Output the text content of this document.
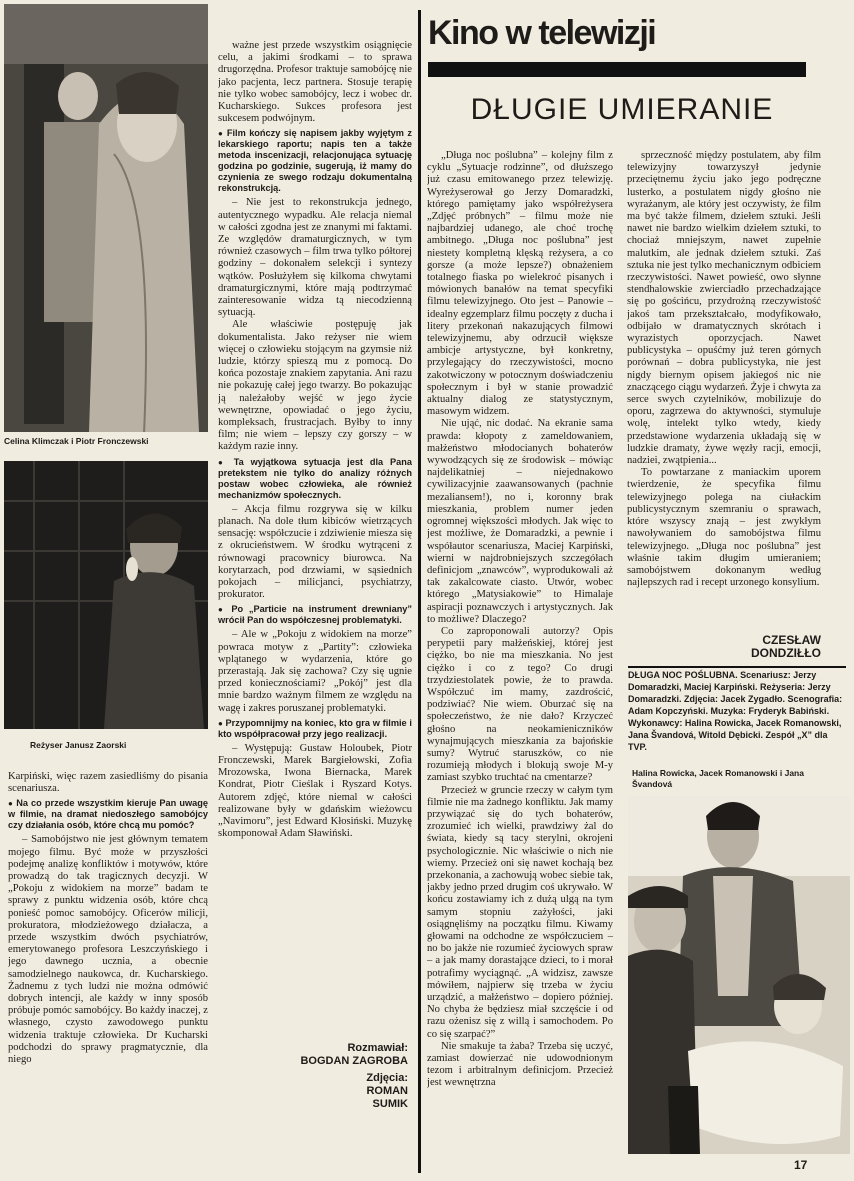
Celina Klimczak i Piotr Fronczewski
Reżyser Janusz Zaorski

ważne jest przede wszystkim osiągnięcie celu, a jakimi środkami – to sprawa drugorzędna. Profesor traktuje samobójcę nie jako pacjenta, lecz partnera. Stosuje terapię nie tylko wobec samobójcy, lecz i wobec dr. Kucharskiego. Sukces profesora jest sukcesem podwójnym.

● Film kończy się napisem jakby wyjętym z lekarskiego raportu; napis ten a także metoda inscenizacji, relacjonująca sytuację godzina po godzinie, sugerują, iż mamy do czynienia ze swego rodzaju dokumentalną rekonstrukcją.

– Nie jest to rekonstrukcja jednego, autentycznego wypadku. Ale relacja niemal w całości zgodna jest ze znanymi mi faktami. Ze względów dramaturgicznych, w tym również czasowych – film trwa tylko półtorej godziny – dokonałem selekcji i syntezy wątków. Posłużyłem się kilkoma chwytami dramaturgicznymi, które mają podtrzymać zainteresowanie widza tą niecodzienną sytuacją.

Ale właściwie postępuję jak dokumentalista. Jako reżyser nie wiem więcej o człowieku stojącym na gzymsie niż ludzie, którzy spieszą mu z pomocą. Do końca pozostaje znakiem zapytania. Ani razu nie pokazuję całej jego twarzy. Bo pokazując ją należałoby wejść w jego życie wewnętrzne, opowiadać o jego życiu, kompleksach, frustracjach. Byłby to inny film; nie wiem – lepszy czy gorszy – w każdym razie inny.

● Ta wyjątkowa sytuacja jest dla Pana pretekstem nie tylko do analizy różnych postaw wobec człowieka, ale również mechanizmów społecznych.

– Akcja filmu rozgrywa się w kilku planach. Na dole tłum kibiców wietrzących sensację: współczucie i zdziwienie miesza się z okrucieństwem. W środku wytrąceni z równowagi pracownicy biurowca. Na korytarzach, pod drzwiami, w sąsiednich pokojach – milicjanci, psychiatrzy, prokurator.

● Po „Particie na instrument drewniany” wrócił Pan do współczesnej problematyki.

– Ale w „Pokoju z widokiem na morze” powraca motyw z „Partity”: człowieka wplątanego w wydarzenia, które go przerastają. Jak się zachowa? Czy się ugnie przed koniecznościami? „Pokój” jest dla mnie bardzo ważnym filmem ze względu na wagę i zakres poruszanej problematyki.

● Przypomnijmy na koniec, kto gra w filmie i kto współpracował przy jego realizacji.

– Występują: Gustaw Holoubek, Piotr Fronczewski, Marek Bargiełowski, Zofia Mrozowska, Iwona Biernacka, Marek Kondrat, Piotr Cieślak i Ryszard Kotys. Autorem zdjęć, które niemal w całości realizowane były w gdańskim wieżowcu „Navimoru”, jest Edward Kłosiński. Muzykę skomponował Adam Sławiński.

Rozmawiał:
BOGDAN ZAGROBA
Zdjęcia:
ROMAN
SUMIK

Karpiński, więc razem zasiedliśmy do pisania scenariusza.

● Na co przede wszystkim kieruje Pan uwagę w filmie, na dramat niedoszłego samobójcy czy działania osób, które chcą mu pomóc?

– Samobójstwo nie jest głównym tematem mojego filmu. Być może w przyszłości podejmę analizę konfliktów i motywów, które prowadzą do tak tragicznych decyzji. W „Pokoju z widokiem na morze” badam te sprawy z punktu widzenia osób, które chcą ponieść pomoc samobójcy. Oficerów milicji, prokuratora, młodzieżowego działacza, a przede wszystkim dwóch psychiatrów, emerytowanego profesora Leszczyńskiego i jego dawnego ucznia, a obecnie samodzielnego naukowca, dr. Kucharskiego. Żadnemu z tych ludzi nie można odmówić dobrych intencji, ale każdy w inny sposób próbuje pomóc samobójcy. Bo każdy inaczej, z własnego, czysto zawodowego punktu widzenia traktuje człowieka. Dr Kucharski podchodzi do sprawy pragmatycznie, dla niego

Kino w telewizji
DŁUGIE UMIERANIE

„Długa noc poślubna” – kolejny film z cyklu „Sytuacje rodzinne”, od dłuższego już czasu emitowanego przez telewizję. Wyreżyserował go Jerzy Domaradzki, którego pamiętamy jako współreżysera „Zdjęć próbnych” – filmu może nie najbardziej udanego, ale choć trochę ambitnego. „Długa noc poślubna” jest niestety kompletną klęską reżysera, a co gorsze (a może lepsze?) obnażeniem totalnego fiaska po wielekroć pisanych i mówionych banałów na temat specyfiki filmu telewizyjnego. Oto jest – Panowie – idealny egzemplarz filmu poczęty z ducha i litery przekonań nakazujących filmowi telewizyjnemu, aby odrzucił większe ambicje artystyczne, był konkretny, przylegający do rzeczywistości, mocno zakotwiczony w potocznym doświadczeniu społecznym i był w stanie prowadzić aktualny dialog ze statystycznym, masowym widzem.

Nie ująć, nic dodać. Na ekranie sama prawda: kłopoty z zameldowaniem, małżeństwo młodocianych bohaterów wywodzących się ze środowisk – mówiąc najdelikatniej – niejednakowo cywilizacyjnie zaawansowanych (pachnie mezaliansem!), no i, koronny brak mieszkania, problem numer jeden ogromnej większości młodych. Jak więc to jest możliwe, że Domaradzki, a pewnie i współautor scenariusza, Maciej Karpiński, wierni w najdrobniejszych szczegółach definicjom „znawców”, wyprodukowali aż tak zakalcowate ciasto. Utwór, wobec którego „Matysiakowie” to Himalaje aspiracji poznawczych i artystycznych. Jak to możliwe? Dlaczego?

Co zaproponowali autorzy? Opis perypetii pary małżeńskiej, której jest ciężko, bo nie ma mieszkania. No jest ciężko i co z tego? Co drugi trzydziestolatek powie, że to prawda. Współczuć im mamy, zazdrościć, podziwiać? Nie wiem. Oburzać się na społeczeństwo, że nie dało? Krzyczeć głośno na neokamieniczników wynajmujących mieszkania za bajońskie sumy? Wytruć staruszków, co nie rozumieją młodych i blokują swoje M-y zamiast szybko truchtać na cmentarze?

Przecież w gruncie rzeczy w całym tym filmie nie ma żadnego konfliktu. Jak mamy przywiązać się do tych bohaterów, zrozumieć ich wielki, prawdziwy żal do świata, kiedy są tacy sterylni, okrojeni psychologicznie. Nic właściwie o nich nie wiemy. Przecież oni się nawet kochają bez przekonania, a zachowują wobec siebie tak, jakby jedno przed drugim coś ukrywało. W końcu zostawiamy ich z dużą ulgą na tym samym stopniu zażyłości, jaki osiągnęliśmy na początku filmu. Kiwamy głowami na odchodne ze współczuciem – no bo jakże nie rozumieć życiowych spraw – a jak mamy dorastające dzieci, to i morał potrafimy wyciągnąć. „A widzisz, zawsze mówiłem, najpierw się trzeba w życiu urządzić, a małżeństwo – dopiero później. No chyba że będziesz miał szczęście i od razu ożenisz się z willą i samochodem. Po co się szarpać?”

Nie smakuje ta żaba? Trzeba się uczyć, zamiast dowierzać nie udowodnionym tezom i arbitralnym definicjom. Przecież jest wewnętrzna

sprzeczność między postulatem, aby film telewizyjny towarzyszył jedynie przeciętnemu życiu jako jego podręczne lusterko, a postulatem nigdy głośno nie wyrażanym, ale który jest oczywisty, że film ma być także filmem, dziełem sztuki. Jeśli nawet nie bardzo wielkim dziełem sztuki, to chociaż mniejszym, nawet zupełnie malutkim, ale jednak dziełem sztuki. Zaś sztuka nie jest tylko mechanicznym odbiciem rzeczywistości. Nawet powieść, owo słynne stendhalowskie zwierciadło przechadzające się po gościńcu, przydrożną rzeczywistość jakoś tam przekształcało, modyfikowało, odbijało w dramatycznych skrótach i wyrazistych oporzycjach. Nawet publicystyka – opuśćmy już teren górnych porównań – dobra publicystyka, nie jest nigdy biernym opisem jakiegoś nic nie znaczącego ciągu wydarzeń. Żyje i chwyta za serce swych czytelników, mobilizuje do oporu, zagrzewa do aktywności, stymuluje wolę, intelekt tylko wtedy, kiedy przedstawione wydarzenia układają się w ludzkie dramaty, żywe węzły racji, emocji, nadziei, zwątpienia...

To powtarzane z maniackim uporem twierdzenie, że specyfika filmu telewizyjnego polega na ciułackim publicystycznym szemraniu o sprawach, które wszyscy znają – jest zwykłym nawoływaniem do samobójstwa filmu telewizyjnego. „Długa noc poślubna” jest właśnie takim długim umieraniem; samobójstwem dokonanym według najlepszych rad i recept urzonego konsylium.

CZESŁAW
DONDZIŁŁO
DŁUGA NOC POŚLUBNA. Scenariusz: Jerzy Domaradzki, Maciej Karpiński. Reżyseria: Jerzy Domaradzki. Zdjęcia: Jacek Zygadło. Scenografia: Adam Kopczyński. Muzyka: Fryderyk Babiński. Wykonawcy: Halina Rowicka, Jacek Romanowski, Jana Švandová, Witold Dębicki. Zespół „X” dla TVP.
Halina Rowicka, Jacek Romanowski i Jana Švandová
17
